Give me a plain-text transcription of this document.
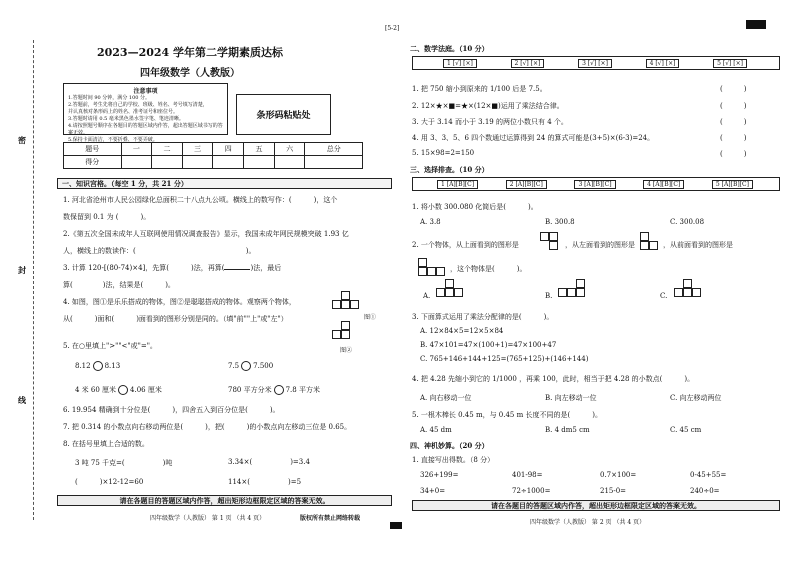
[5-2]
密
封
线
2023—2024 学年第二学期素质达标
四年级数学（人教版）
注意事项
1.答题时间 90 分钟，满分 100 分。
2.答题前，考生先将自己的学校、班级、姓名、考号填写清楚，
并认真核对条形码上的姓名、准考证号和座位号。
3.答题时请用 0.5 毫米黑色墨水签字笔、笔迹清晰。
4.请按照题号顺序在各题目的答题区域内作答，超出答题区域书写的答案无效。
5.保持卡面清洁，不要折叠、不要弄破。
条形码粘贴处
题号	一	二	三	四	五	六	总分
得分							
一、知识宫格。（每空 1 分，共 21 分）
1. 河北省沧州市人民公园绿化总面积二十八点九公顷。横线上的数写作：(	)，这个
数保留到 0.1 为 (	)。
2.《第五次全国未成年人互联网使用情况调查报告》显示，我国未成年网民规模突破 1.93 亿
人，横线上的数读作：(	)。
3. 计算 120-[(80-74)×4]，先算(	)法，再算(	)法，最后
算(	)法，结果是(	)。
4. 如图，图①是乐乐搭成的物体，图②是聪聪搭成的物体。观察两个物体，
从(	)面和(	)面看到的图形分别是同的。（填"前""上"或"左"）	图①
图②
5. 在○里填上">""<"或"="。
8.12 8.13	7.5 7.500
4 米 60 厘米 4.06 厘米	780 平方分米 7.8 平方米
6. 19.954 精确到十分位是(	)，四舍五入到百分位是(	)。
7. 把 0.314 的小数点向右移动两位是(	)，把(	)的小数点向左移动三位是 0.65。
8. 在括号里填上合适的数。
3 吨 75 千克=(	)吨	3.34×(	)=3.4
(	)×12-12=60	114×(	)=5
请在各题目的答题区域内作答，超出矩形边框限定区域的答案无效。
四年级数学（人教版） 第 1 页 （共 4 页）	版权所有禁止网络转载
二、数学法庭。（10 分）
1 [√] [×]	2 [√] [×]	3 [√] [×]	4 [√] [×]	5 [√] [×]
1. 把 750 缩小到原来的 1/100 后是 7.5。
2. 12×★×■=★×(12×■)运用了乘法结合律。
3. 大于 3.14 而小于 3.19 的两位小数只有 4 个。
4. 用 3、3、5、6 四个数通过运算得到 24 的算式可能是(3+5)×(6-3)=24。
5. 15×98=2=150
(　　　)
(　　　)
(　　　)
(　　　)
(　　　)
三、选择排查。（10 分）
1 [A][B][C]	2 [A][B][C]	3 [A][B][C]	4 [A][B][C]	5 [A][B][C]
1. 将小数 300.080 化简后是(	)。
A. 3.8	B. 300.8	C. 300.08
2. 一个物体，从上面看到的图形是	，从左面看到的图形是	，从前面看到的图形是
，这个物体是(	)。
A.	B.	C.
3. 下面算式运用了乘法分配律的是(	)。
A. 12×84×5=12×5×84
B. 47×101=47×(100+1)=47×100+47
C. 765+146+144+125=(765+125)+(146+144)
4. 把 4.28 先缩小到它的 1/1000 ，再乘 100，此时，相当于把 4.28 的小数点(	)。
A. 向右移动一位	B. 向左移动一位	C. 向左移动两位
5. 一根木棒长 0.45 m，与 0.45 m 长度不同的是(	)。
A. 45 dm	B. 4 dm5 cm	C. 45 cm
四、神机妙算。（20 分）
1. 直接写出得数。（8 分）
326+199=	401-98=	0.7×100=	0-45+55=
34+0=	72÷1000=	215-0=	240÷0=
请在各题目的答题区域内作答，超出矩形边框限定区域的答案无效。
四年级数学（人教版） 第 2 页 （共 4 页）
